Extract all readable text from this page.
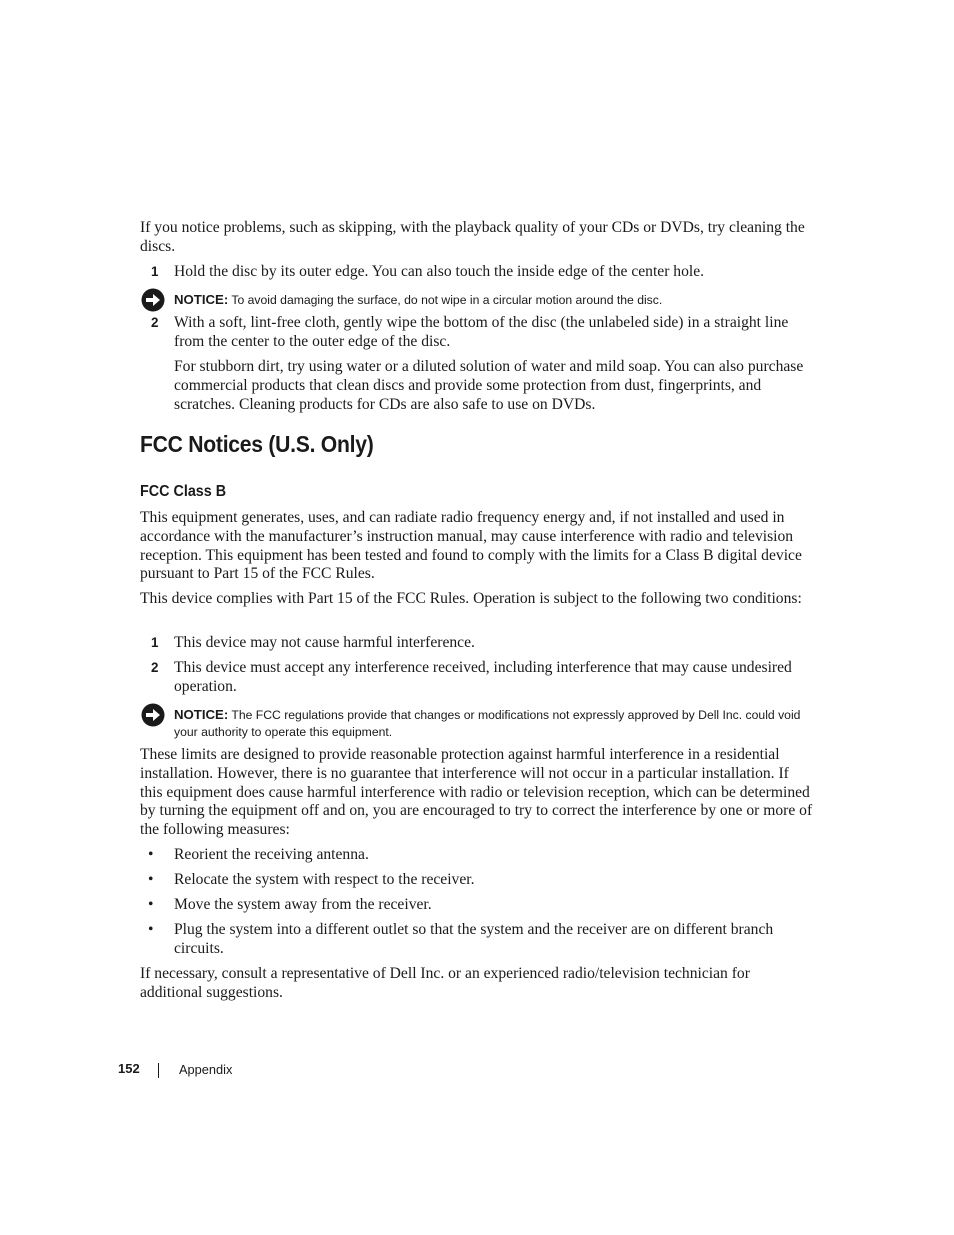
If you notice problems, such as skipping, with the playback quality of your CDs or DVDs, try cleaning the discs.
1 Hold the disc by its outer edge. You can also touch the inside edge of the center hole.
NOTICE: To avoid damaging the surface, do not wipe in a circular motion around the disc.
2 With a soft, lint-free cloth, gently wipe the bottom of the disc (the unlabeled side) in a straight line from the center to the outer edge of the disc.
For stubborn dirt, try using water or a diluted solution of water and mild soap. You can also purchase commercial products that clean discs and provide some protection from dust, fingerprints, and scratches. Cleaning products for CDs are also safe to use on DVDs.
FCC Notices (U.S. Only)
FCC Class B
This equipment generates, uses, and can radiate radio frequency energy and, if not installed and used in accordance with the manufacturer’s instruction manual, may cause interference with radio and television reception. This equipment has been tested and found to comply with the limits for a Class B digital device pursuant to Part 15 of the FCC Rules.
This device complies with Part 15 of the FCC Rules. Operation is subject to the following two conditions:
1 This device may not cause harmful interference.
2 This device must accept any interference received, including interference that may cause undesired operation.
NOTICE: The FCC regulations provide that changes or modifications not expressly approved by Dell Inc. could void your authority to operate this equipment.
These limits are designed to provide reasonable protection against harmful interference in a residential installation. However, there is no guarantee that interference will not occur in a particular installation. If this equipment does cause harmful interference with radio or television reception, which can be determined by turning the equipment off and on, you are encouraged to try to correct the interference by one or more of the following measures:
• Reorient the receiving antenna.
• Relocate the system with respect to the receiver.
• Move the system away from the receiver.
• Plug the system into a different outlet so that the system and the receiver are on different branch circuits.
If necessary, consult a representative of Dell Inc. or an experienced radio/television technician for additional suggestions.
152	Appendix
